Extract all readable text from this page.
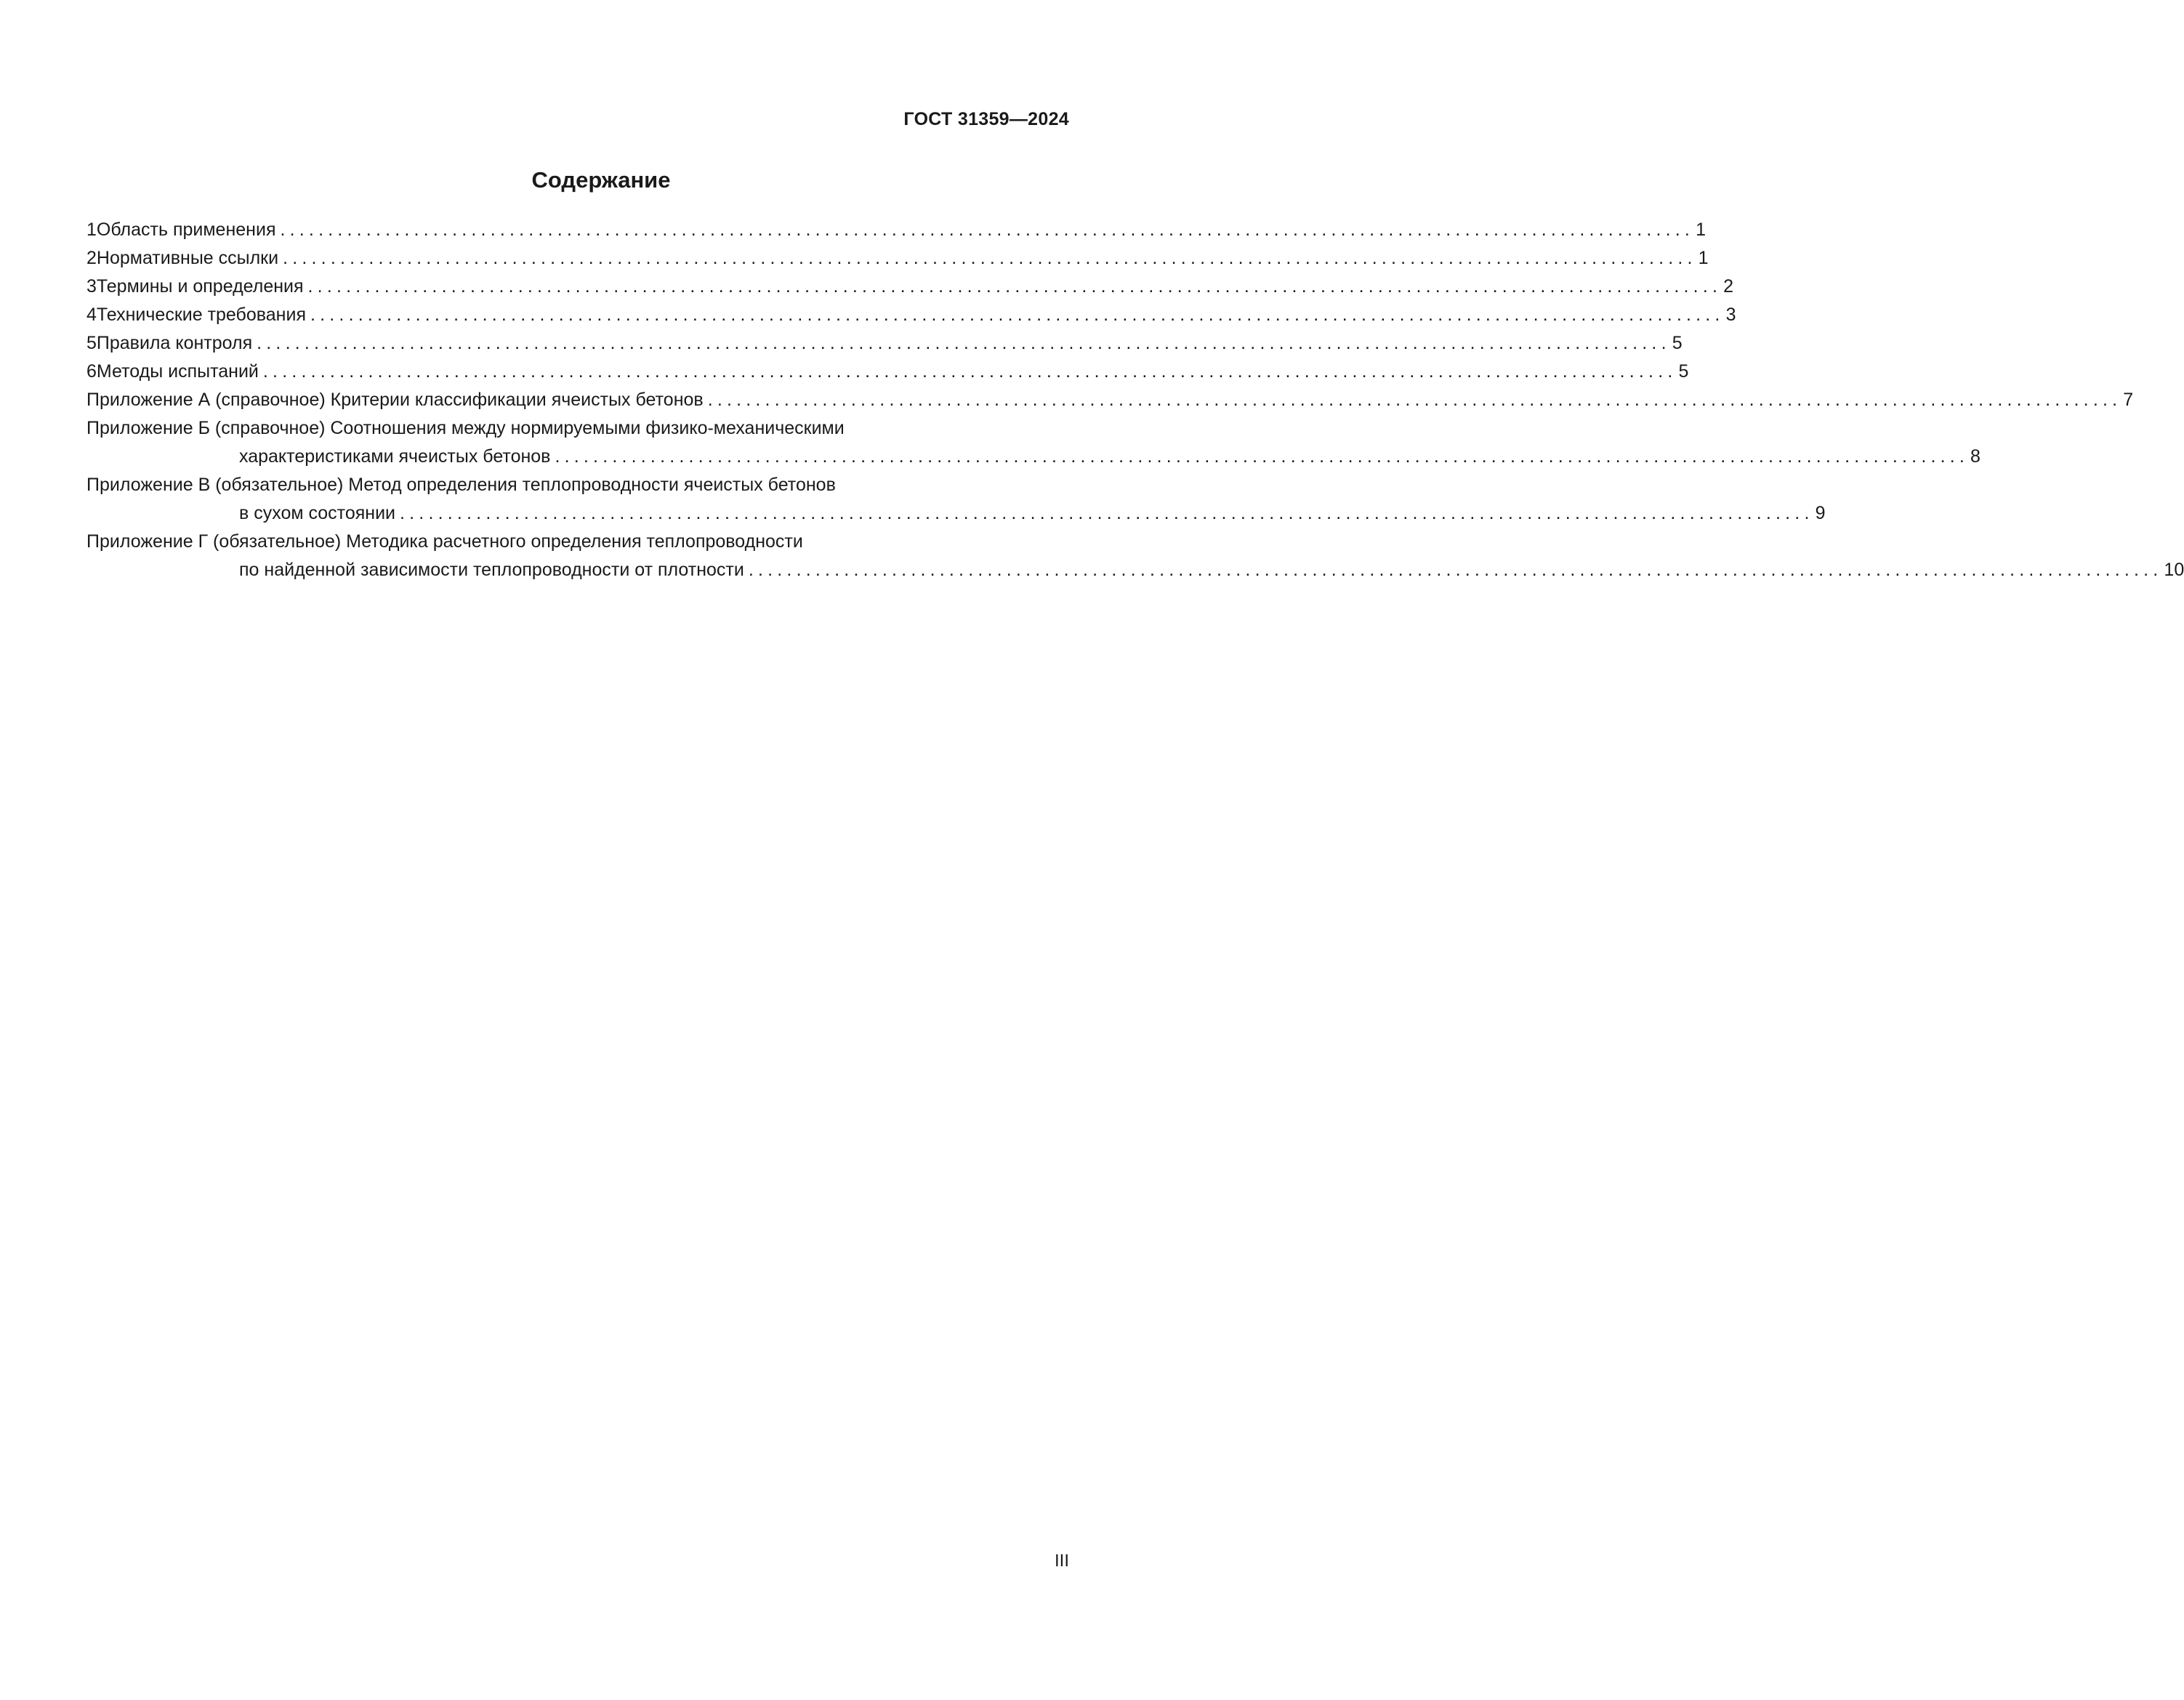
ГОСТ 31359—2024
Содержание
1 Область применения .................................................................................................................................................... 1
2 Нормативные ссылки .................................................................................................................................................... 1
3 Термины и определения .................................................................................................................................................... 2
4 Технические требования .................................................................................................................................................... 3
5 Правила контроля .................................................................................................................................................... 5
6 Методы испытаний .................................................................................................................................................... 5
Приложение А (справочное) Критерии классификации ячеистых бетонов .................................................................................................................................................... 7
Приложение Б (справочное) Соотношения между нормируемыми физико-механическими
характеристиками ячеистых бетонов .................................................................................................................................................... 8
Приложение В (обязательное) Метод определения теплопроводности ячеистых бетонов
в сухом состоянии .................................................................................................................................................... 9
Приложение Г (обязательное) Методика расчетного определения теплопроводности
по найденной зависимости теплопроводности от плотности .................................................................................................................................................... 10
III
